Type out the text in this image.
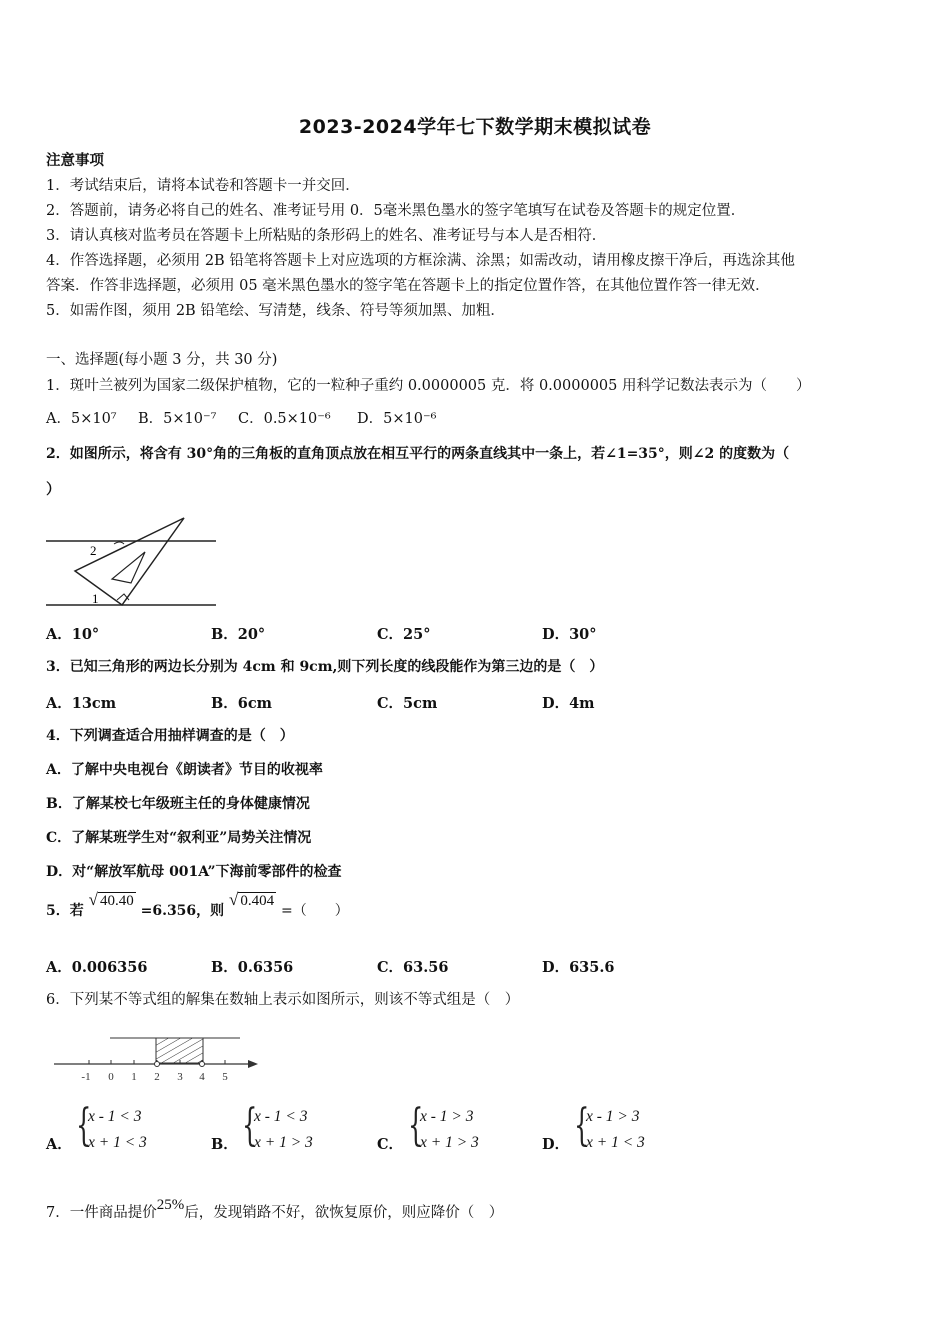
2023-2024学年七下数学期末模拟试卷
注意事项
1．考试结束后，请将本试卷和答题卡一并交回．
2．答题前，请务必将自己的姓名、准考证号用 0．5毫米黑色墨水的签字笔填写在试卷及答题卡的规定位置．
3．请认真核对监考员在答题卡上所粘贴的条形码上的姓名、准考证号与本人是否相符．
4．作答选择题，必须用 2B 铅笔将答题卡上对应选项的方框涂满、涂黑；如需改动，请用橡皮擦干净后，再选涂其他
答案．作答非选择题，必须用 05 毫米黑色墨水的签字笔在答题卡上的指定位置作答，在其他位置作答一律无效．
5．如需作图，须用 2B 铅笔绘、写清楚，线条、符号等须加黑、加粗．
一、选择题(每小题 3 分，共 30 分)
1．斑叶兰被列为国家二级保护植物，它的一粒种子重约 0.0000005 克．将 0.0000005 用科学记数法表示为（　　）
A．5×10⁷ B．5×10⁻⁷ C．0.5×10⁻⁶ D．5×10⁻⁶
2．如图所示，将含有 30°角的三角板的直角顶点放在相互平行的两条直线其中一条上，若∠1=35°，则∠2 的度数为（
）
2
1
A．10°	B．20°	C．25°	D．30°
3．已知三角形的两边长分别为 4cm 和 9cm,则下列长度的线段能作为第三边的是（　）
A．13cm	B．6cm	C．5cm	D．4m
4．下列调查适合用抽样调查的是（　）
A．了解中央电视台《朗读者》节目的收视率
B．了解某校七年级班主任的身体健康情况
C．了解某班学生对“叙利亚”局势关注情况
D．对“解放军航母 001A”下海前零部件的检查
5．若 √ 40.40 =6.356，则 √ 0.404 =（　　）
A．0.006356	B．0.6356	C．63.56	D．635.6
6．下列某不等式组的解集在数轴上表示如图所示，则该不等式组是（　）
-1 0 1 2 3 4 5
A． {
x - 1 < 3
x + 1 < 3	B． {
x - 1 < 3
x + 1 > 3	C． {
x - 1 > 3
x + 1 > 3	D． {
x - 1 > 3
x + 1 < 3
7．一件商品提价25%后，发现销路不好，欲恢复原价，则应降价（　）
